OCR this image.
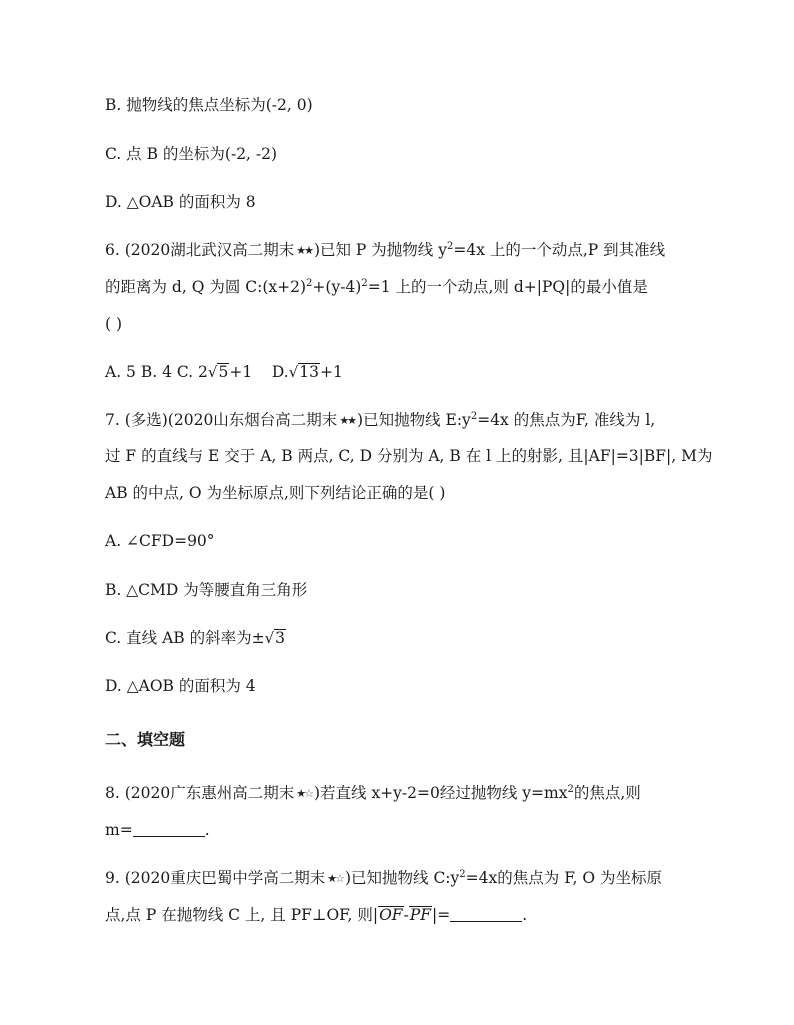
B. 抛物线的焦点坐标为(-2, 0)
C. 点 B 的坐标为(-2, -2)
D. △OAB 的面积为 8
6. (2020湖北武汉高二期末 ★★ )已知 P 为抛物线 $y^2=4x$ 上的一个动点,P 到其准线
的距离为 d, Q 为圆 $C:(x+2)^2+(y-4)^2=1$ 上的一个动点,则 d+|PQ|的最小值是
( )
A. 5 B. 4 C. 2√5+1 D.√13+1
7. (多选)(2020山东烟台高二期末 ★★ )已知抛物线 $E:y^2=4x$ 的焦点为F, 准线为 l,
过 F 的直线与 E 交于 A, B 两点, C, D 分别为 A, B 在 l 上的射影, 且|AF|=3|BF|, M为
AB 的中点, O 为坐标原点,则下列结论正确的是( )
A. ∠CFD=90°
B. △CMD 为等腰直角三角形
C. 直线 AB 的斜率为±√3
D. △AOB 的面积为 4
二、填空题
8. (2020广东惠州高二期末 ★☆ )若直线 x+y-2=0经过抛物线 $y=mx^2$的焦点,则
m=	.
9. (2020重庆巴蜀中学高二期末 ★☆ )已知抛物线 $C:y^2=4x$的焦点为 F, O 为坐标原
点,点 P 在抛物线 C 上, 且 PF⊥OF, 则|OF-PF|=	.
